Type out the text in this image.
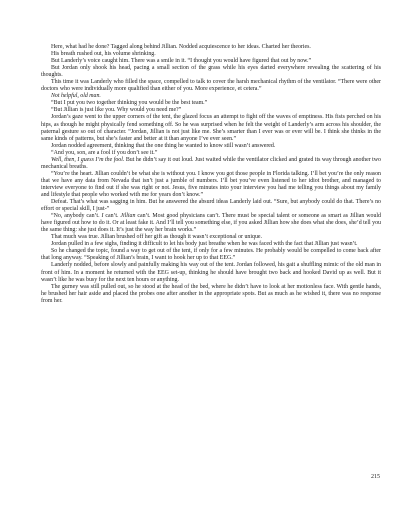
Here, what had he done? Tagged along behind Jillian. Nodded acquiescence to her ideas. Charted her theories.

His breath rushed out, his volume shrinking.

But Landerly’s voice caught him. There was a smile in it. “I thought you would have figured that out by now.”

But Jordan only shook his head, pacing a small section of the grass while his eyes darted everywhere revealing the scattering of his thoughts.

This time it was Landerly who filled the space, compelled to talk to cover the harsh mechanical rhythm of the ventilator. “There were other doctors who were individually more qualified than either of you. More experience, et cetera.”

Not helpful, old man.

“But I put you two together thinking you would be the best team.”

“But Jillian is just like you. Why would you need me?”

Jordan’s gaze went to the upper corners of the tent, the glazed focus an attempt to fight off the waves of emptiness. His fists perched on his hips, as though he might physically fend something off. So he was surprised when he felt the weight of Landerly’s arm across his shoulder, the paternal gesture so out of character. “Jordan, Jillian is not just like me. She’s smarter than I ever was or ever will be. I think she thinks in the same kinds of patterns, but she’s faster and better at it than anyone I’ve ever seen.”

Jordan nodded agreement, thinking that the one thing he wanted to know still wasn’t answered.

“And you, son, are a fool if you don’t see it.”

Well, then, I guess I’m the fool. But he didn’t say it out loud. Just waited while the ventilator clicked and grated its way through another two mechanical breaths.

“You’re the heart. Jillian couldn’t be what she is without you. I know you got those people in Florida talking. I’ll bet you’re the only reason that we have any data from Nevada that isn’t just a jumble of numbers. I’ll bet you’ve even listened to her idiot brother, and managed to interview everyone to find out if she was right or not. Jesus, five minutes into your interview you had me telling you things about my family and lifestyle that people who worked with me for years don’t know.”

Defeat. That’s what was sagging in him. But he answered the absurd ideas Landerly laid out. “Sure, but anybody could do that. There’s no effort or special skill, I just-”

“No, anybody can’t. I can’t. Jillian can’t. Most good physicians can’t. There must be special talent or someone as smart as Jillian would have figured out how to do it. Or at least fake it. And I’ll tell you something else, if you asked Jillian how she does what she does, she’d tell you the same thing: she just does it. It’s just the way her brain works.”

That much was true. Jillian brushed off her gift as though it wasn’t exceptional or unique.

Jordan pulled in a few sighs, finding it difficult to let his body just breathe when he was faced with the fact that Jillian just wasn’t.

So he changed the topic, found a way to get out of the tent, if only for a few minutes. He probably would be compelled to come back after that long anyway. “Speaking of Jillian’s brain, I want to hook her up to that EEG.”

Landerly nodded, before slowly and painfully making his way out of the tent. Jordan followed, his gait a shuffling mimic of the old man in front of him. In a moment he returned with the EEG set-up, thinking he should have brought two back and hooked David up as well. But it wasn’t like he was busy for the next ten hours or anything.

The gurney was still pulled out, so he stood at the head of the bed, where he didn’t have to look at her motionless face. With gentle hands, he brushed her hair aside and placed the probes one after another in the appropriate spots. But as much as he wished it, there was no response from her.

215
